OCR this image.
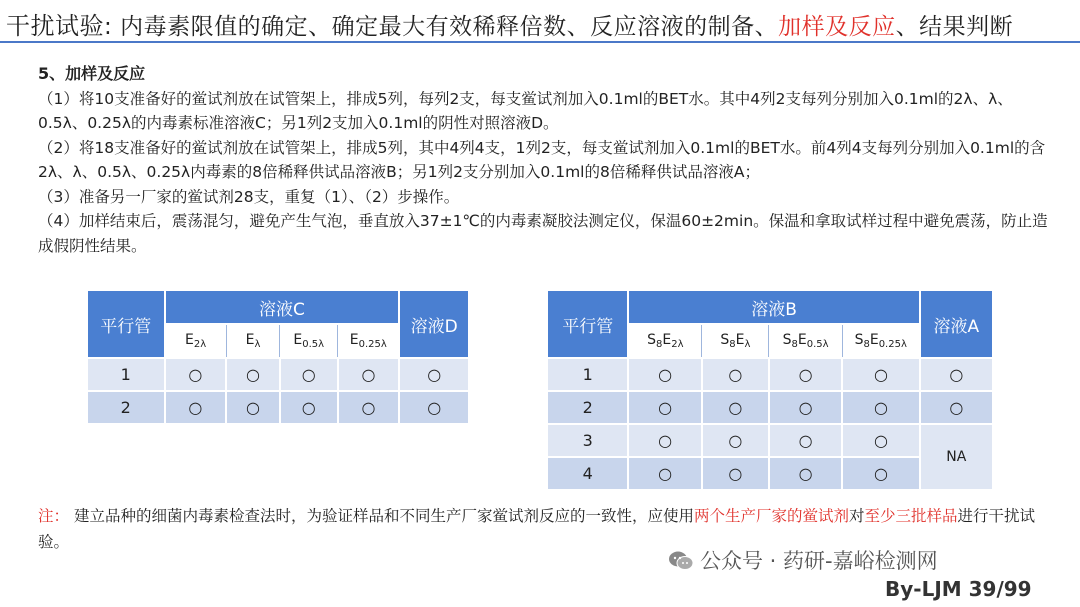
干扰试验: 内毒素限值的确定、确定最大有效稀释倍数、反应溶液的制备、加样及反应、结果判断

5、加样及反应

（1）将10支准备好的鲎试剂放在试管架上，排成5列，每列2支，每支鲎试剂加入0.1ml的BET水。其中4列2支每列分别加入0.1ml的2λ、λ、0.5λ、0.25λ的内毒素标准溶液C；另1列2支加入0.1ml的阴性对照溶液D。

（2）将18支准备好的鲎试剂放在试管架上，排成5列，其中4列4支，1列2支，每支鲎试剂加入0.1ml的BET水。前4列4支每列分别加入0.1ml的含2λ、λ、0.5λ、0.25λ内毒素的8倍稀释供试品溶液B；另1列2支分别加入0.1ml的8倍稀释供试品溶液A；

（3）准备另一厂家的鲎试剂28支，重复（1）、（2）步操作。

（4）加样结束后，震荡混匀，避免产生气泡，垂直放入37±1℃的内毒素凝胶法测定仪，保温60±2min。保温和拿取试样过程中避免震荡，防止造成假阴性结果。

平行管	溶液C				溶液D
	$E_{2\lambda}$	$E_\lambda$	$E_{0.5\lambda}$	$E_{0.25\lambda}$
1	○	○	○	○	○
2	○	○	○	○	○
平行管	溶液B				溶液A
	$S_8E_{2\lambda}$	$S_8E_\lambda$	$S_8E_{0.5\lambda}$	$S_8E_{0.25\lambda}$
1	○	○	○	○	○
2	○	○	○	○	○
3	○	○	○	○	NA
4	○	○	○	○	
注： 建立品种的细菌内毒素检查法时，为验证样品和不同生产厂家鲎试剂反应的一致性，应使用两个生产厂家的鲎试剂对至少三批样品进行干扰试验。
公众号 · 药研-嘉峪检测网
By-LJM 39/99
